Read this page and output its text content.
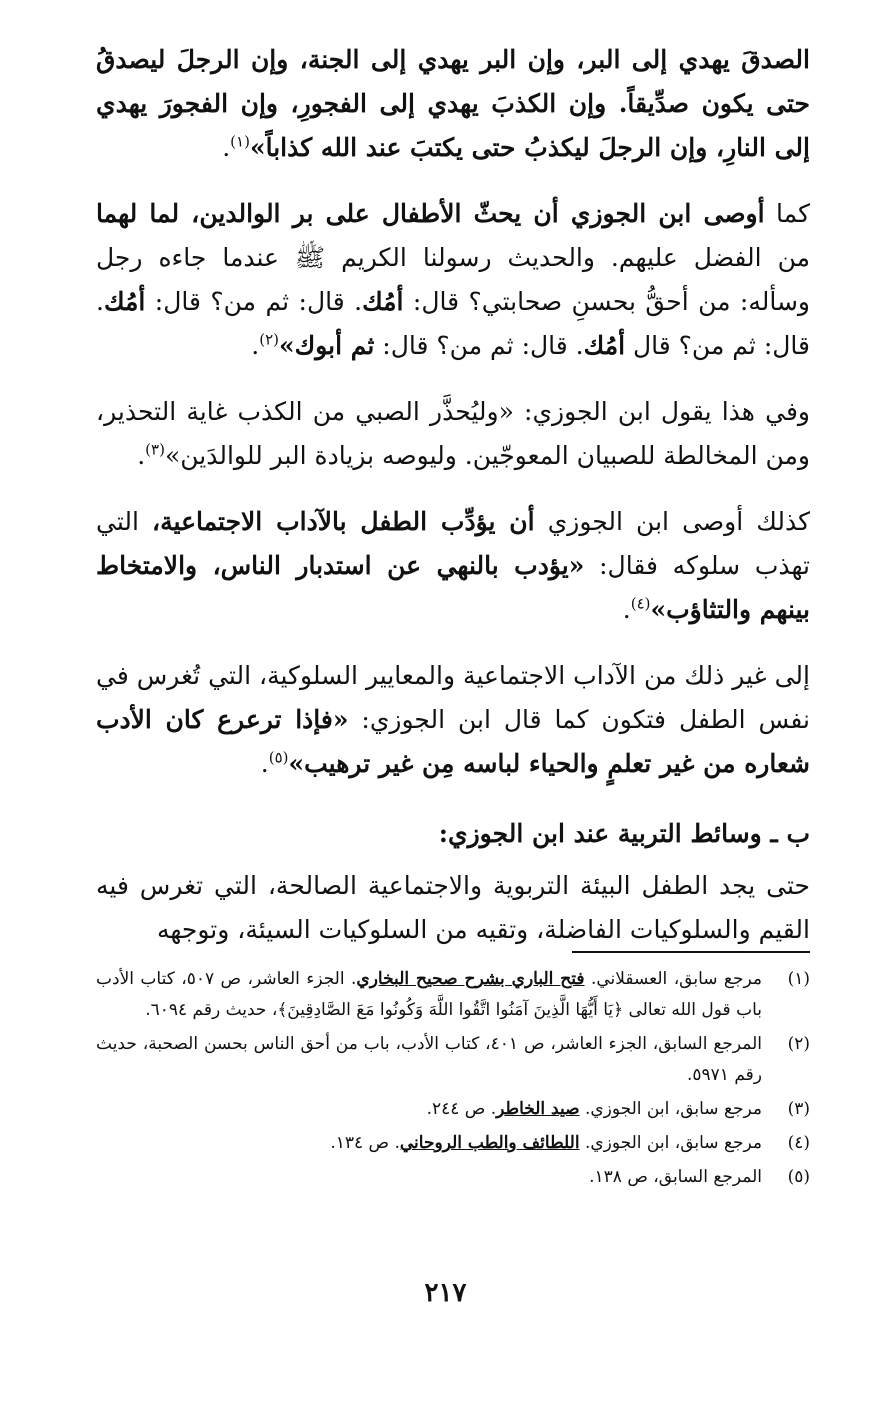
الصدقَ يهدي إلى البر، وإن البر يهدي إلى الجنة، وإن الرجلَ ليصدقُ حتى يكون صدِّيقاً. وإن الكذبَ يهدي إلى الفجورِ، وإن الفجورَ يهدي إلى النارِ، وإن الرجلَ ليكذبُ حتى يكتبَ عند الله كذاباً»$^{(١)}$.

كما أوصى ابن الجوزي أن يحثّ الأطفال على بر الوالدين، لما لهما من الفضل عليهم. والحديث رسولنا الكريم ﷺ عندما جاءه رجل وسأله: من أحقُّ بحسنِ صحابتي؟ قال: أمُك. قال: ثم من؟ قال: أمُك. قال: ثم من؟ قال أمُك. قال: ثم من؟ قال: ثم أبوك»$^{(٢)}$.

وفي هذا يقول ابن الجوزي: «وليُحذَّر الصبي من الكذب غاية التحذير، ومن المخالطة للصبيان المعوجّين. وليوصه بزيادة البر للوالدَين»$^{(٣)}$.

كذلك أوصى ابن الجوزي أن يؤدِّب الطفل بالآداب الاجتماعية، التي تهذب سلوكه فقال: «يؤدب بالنهي عن استدبار الناس، والامتخاط بينهم والتثاؤب»$^{(٤)}$.

إلى غير ذلك من الآداب الاجتماعية والمعايير السلوكية، التي تُغرس في نفس الطفل فتكون كما قال ابن الجوزي: «فإذا ترعرع كان الأدب شعاره من غير تعلمٍ والحياء لباسه مِن غير ترهيب»$^{(٥)}$.

ب ـ وسائط التربية عند ابن الجوزي:

حتى يجد الطفل البيئة التربوية والاجتماعية الصالحة، التي تغرس فيه القيم والسلوكيات الفاضلة، وتقيه من السلوكيات السيئة، وتوجهه

(١)
مرجع سابق، العسقلاني. فتح الباري بشرح صحيح البخاري. الجزء العاشر، ص ٥٠٧، كتاب الأدب باب قول الله تعالى ﴿يَا أَيُّهَا الَّذِينَ آمَنُوا اتَّقُوا اللَّهَ وَكُونُوا مَعَ الصَّادِقِينَ﴾، حديث رقم ٦٠٩٤.
(٢)
المرجع السابق، الجزء العاشر، ص ٤٠١، كتاب الأدب، باب من أحق الناس بحسن الصحبة، حديث رقم ٥٩٧١.
(٣)
مرجع سابق، ابن الجوزي. صيد الخاطر. ص ٢٤٤.
(٤)
مرجع سابق، ابن الجوزي. اللطائف والطب الروحاني. ص ١٣٤.
(٥)
المرجع السابق، ص ١٣٨.
٢١٧
